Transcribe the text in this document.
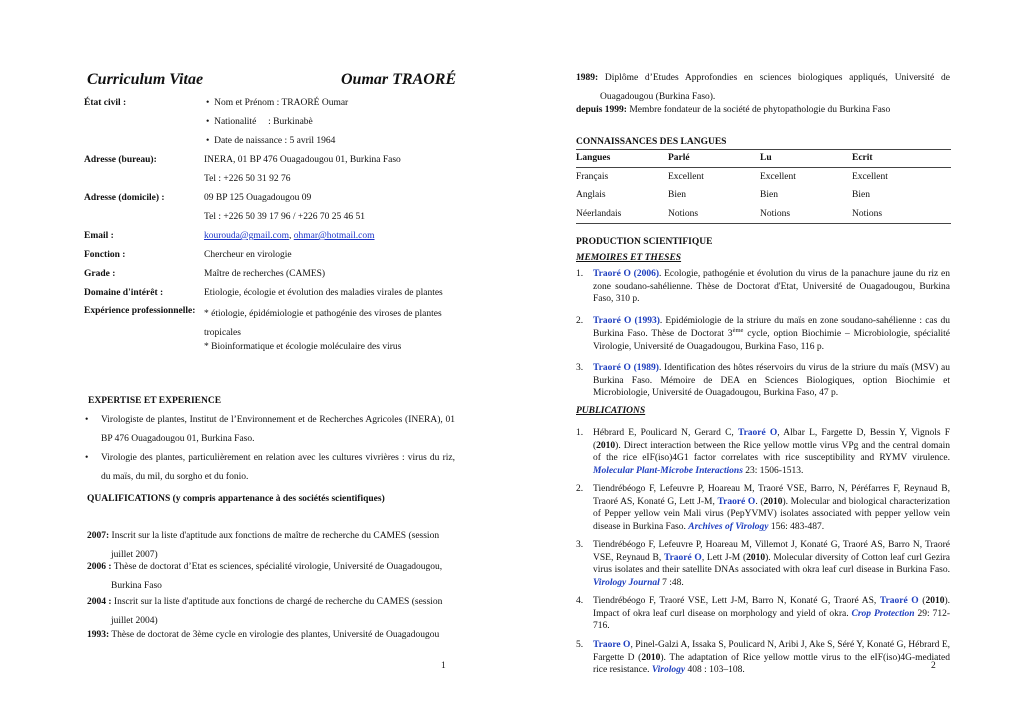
Curriculum Vitae	Oumar TRAORÉ
État civil :	• Nom et Prénom : TRAORÉ Oumar
• Nationalité     : Burkinabè
• Date de naissance : 5 avril 1964
Adresse (bureau):	INERA, 01 BP 476 Ouagadougou 01, Burkina Faso
Tel : +226 50 31 92 76
Adresse (domicile) :	09 BP 125 Ouagadougou 09
Tel : +226 50 39 17 96 / +226 70 25 46 51
Email :	kourouda@gmail.com, ohmar@hotmail.com
Fonction :	Chercheur en virologie
Grade :	Maître de recherches (CAMES)
Domaine d'intérêt :	Etiologie, écologie et évolution des maladies virales de plantes
Expérience professionnelle: * étiologie, épidémiologie et pathogénie des viroses de plantes tropicales
* Bioinformatique et écologie moléculaire des virus
EXPERTISE ET EXPERIENCE
• Virologiste de plantes, Institut de l’Environnement et de Recherches Agricoles (INERA), 01 BP 476 Ouagadougou 01, Burkina Faso.
• Virologie des plantes, particulièrement en relation avec les cultures vivrières : virus du riz, du maïs, du mil, du sorgho et du fonio.
QUALIFICATIONS (y compris appartenance à des sociétés scientifiques)
2007: Inscrit sur la liste d'aptitude aux fonctions de maître de recherche du CAMES (session
juillet 2007)
2006 : Thèse de doctorat d’Etat es sciences, spécialité virologie, Université de Ouagadougou,
Burkina Faso
2004 : Inscrit sur la liste d'aptitude aux fonctions de chargé de recherche du CAMES (session
juillet 2004)
1993: Thèse de doctorat de 3ème cycle en virologie des plantes, Université de Ouagadougou
1
1989: Diplôme d’Etudes Approfondies en sciences biologiques appliqués, Université de
Ouagadougou (Burkina Faso).
depuis 1999: Membre fondateur de la société de phytopathologie du Burkina Faso
CONNAISSANCES DES LANGUES
Langues	Parlé	Lu	Ecrit
Français	Excellent	Excellent	Excellent
Anglais	Bien	Bien	Bien
Néerlandais	Notions	Notions	Notions
PRODUCTION SCIENTIFIQUE
MEMOIRES ET THESES
1. Traoré O (2006). Ecologie, pathogénie et évolution du virus de la panachure jaune du riz en zone soudano-sahélienne. Thèse de Doctorat d'Etat, Université de Ouagadougou, Burkina Faso, 310 p.
2. Traoré O (1993). Epidémiologie de la striure du maïs en zone soudano-sahélienne : cas du Burkina Faso. Thèse de Doctorat 3ème cycle, option Biochimie – Microbiologie, spécialité Virologie, Université de Ouagadougou, Burkina Faso, 116 p.
3. Traoré O (1989). Identification des hôtes réservoirs du virus de la striure du maïs (MSV) au Burkina Faso. Mémoire de DEA en Sciences Biologiques, option Biochimie et Microbiologie, Université de Ouagadougou, Burkina Faso, 47 p.
PUBLICATIONS
1. Hébrard E, Poulicard N, Gerard C, Traoré O, Albar L, Fargette D, Bessin Y, Vignols F (2010). Direct interaction between the Rice yellow mottle virus VPg and the central domain of the rice eIF(iso)4G1 factor correlates with rice susceptibility and RYMV virulence. Molecular Plant-Microbe Interactions 23: 1506-1513.
2. Tiendrébéogo F, Lefeuvre P, Hoareau M, Traoré VSE, Barro, N, Péréfarres F, Reynaud B, Traoré AS, Konaté G, Lett J-M, Traoré O. (2010). Molecular and biological characterization of Pepper yellow vein Mali virus (PepYVMV) isolates associated with pepper yellow vein disease in Burkina Faso. Archives of Virology 156: 483-487.
3. Tiendrébéogo F, Lefeuvre P, Hoareau M, Villemot J, Konaté G, Traoré AS, Barro N, Traoré VSE, Reynaud B, Traoré O, Lett J-M (2010). Molecular diversity of Cotton leaf curl Gezira virus isolates and their satellite DNAs associated with okra leaf curl disease in Burkina Faso. Virology Journal 7 :48.
4. Tiendrébéogo F, Traoré VSE, Lett J-M, Barro N, Konaté G, Traoré AS, Traoré O (2010). Impact of okra leaf curl disease on morphology and yield of okra. Crop Protection 29: 712-716.
5. Traore O, Pinel-Galzi A, Issaka S, Poulicard N, Aribi J, Ake S, Séré Y, Konaté G, Hébrard E, Fargette D (2010). The adaptation of Rice yellow mottle virus to the eIF(iso)4G-mediated rice resistance. Virology 408 : 103–108.	2
